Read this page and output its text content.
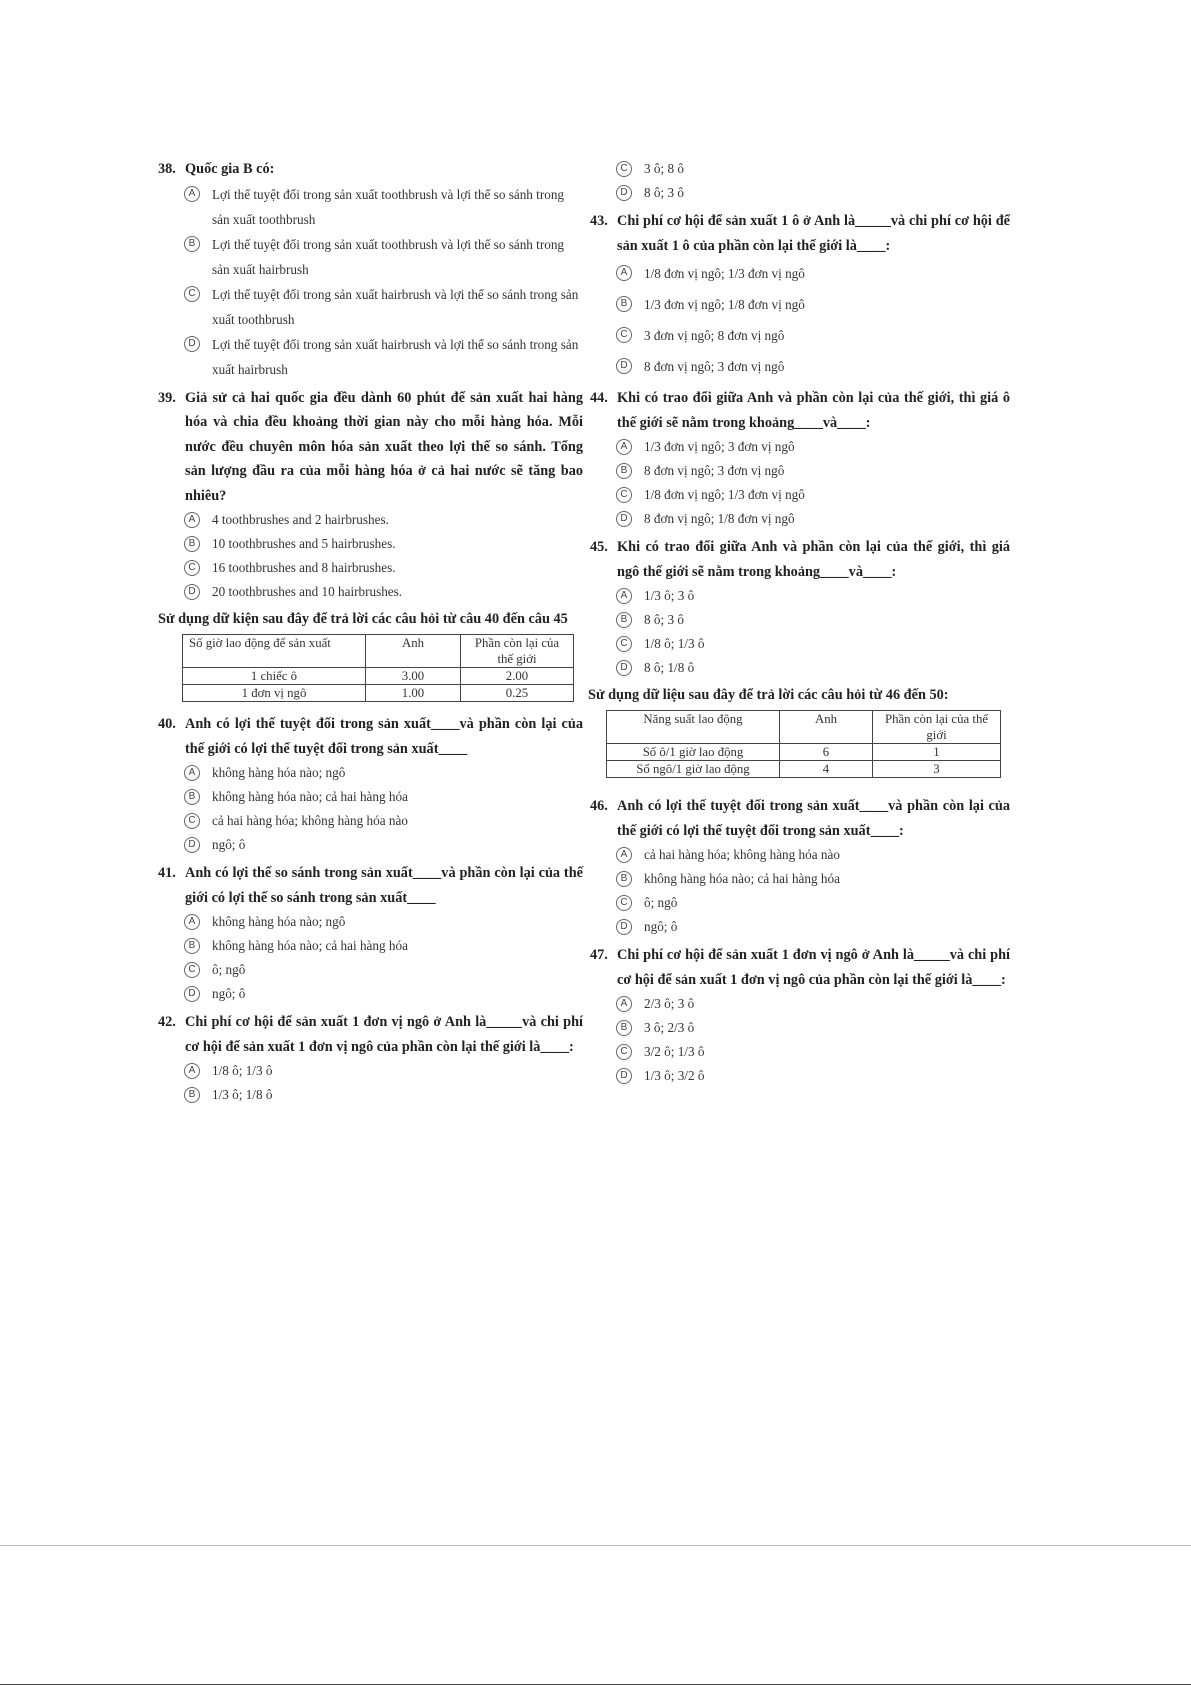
38. Quốc gia B có:
A	Lợi thế tuyệt đối trong sản xuất toothbrush và lợi thế so sánh trong sản xuất toothbrush
B	Lợi thế tuyệt đối trong sản xuất toothbrush và lợi thế so sánh trong sản xuất hairbrush
C	Lợi thế tuyệt đối trong sản xuất hairbrush và lợi thế so sánh trong sản xuất toothbrush
D	Lợi thế tuyệt đối trong sản xuất hairbrush và lợi thế so sánh trong sản xuất hairbrush
39. Giả sử cả hai quốc gia đều dành 60 phút để sản xuất hai hàng hóa và chia đều khoảng thời gian này cho mỗi hàng hóa. Mỗi nước đều chuyên môn hóa sản xuất theo lợi thế so sánh. Tổng sản lượng đầu ra của mỗi hàng hóa ở cả hai nước sẽ tăng bao nhiêu?
A	4 toothbrushes and 2 hairbrushes.
B	10 toothbrushes and 5 hairbrushes.
C	16 toothbrushes and 8 hairbrushes.
D	20 toothbrushes and 10 hairbrushes.
Sử dụng dữ kiện sau đây để trả lời các câu hỏi từ câu 40 đến câu 45
Số giờ lao động để sản xuất	Anh	Phần còn lại của thế giới
1 chiếc ô	3.00	2.00
1 đơn vị ngô	1.00	0.25
40. Anh có lợi thế tuyệt đối trong sản xuất____và phần còn lại của thế giới có lợi thế tuyệt đối trong sản xuất____
A	không hàng hóa nào; ngô
B	không hàng hóa nào; cả hai hàng hóa
C	cả hai hàng hóa; không hàng hóa nào
D	ngô; ô
41. Anh có lợi thế so sánh trong sản xuất____và phần còn lại của thế giới có lợi thế so sánh trong sản xuất____
A	không hàng hóa nào; ngô
B	không hàng hóa nào; cả hai hàng hóa
C	ô; ngô
D	ngô; ô
42. Chi phí cơ hội để sản xuất 1 đơn vị ngô ở Anh là_____và chi phí cơ hội để sản xuất 1 đơn vị ngô của phần còn lại thế giới là____:
A	1/8 ô; 1/3 ô
B	1/3 ô; 1/8 ô
C	3 ô; 8 ô
D	8 ô; 3 ô
43. Chi phí cơ hội để sản xuất 1 ô ở Anh là_____và chi phí cơ hội để sản xuất 1 ô của phần còn lại thế giới là____:
A	1/8 đơn vị ngô; 1/3 đơn vị ngô
B	1/3 đơn vị ngô; 1/8 đơn vị ngô
C	3 đơn vị ngô; 8 đơn vị ngô
D	8 đơn vị ngô; 3 đơn vị ngô
44. Khi có trao đổi giữa Anh và phần còn lại của thế giới, thì giá ô thế giới sẽ nằm trong khoảng____và____:
A	1/3 đơn vị ngô; 3 đơn vị ngô
B	8 đơn vị ngô; 3 đơn vị ngô
C	1/8 đơn vị ngô; 1/3 đơn vị ngô
D	8 đơn vị ngô; 1/8 đơn vị ngô
45. Khi có trao đổi giữa Anh và phần còn lại của thế giới, thì giá ngô thế giới sẽ nằm trong khoảng____và____:
A	1/3 ô; 3 ô
B	8 ô; 3 ô
C	1/8 ô; 1/3 ô
D	8 ô; 1/8 ô
Sử dụng dữ liệu sau đây để trả lời các câu hỏi từ 46 đến 50:
Năng suất lao động	Anh	Phần còn lại của thế giới
Số ô/1 giờ lao động	6	1
Số ngô/1 giờ lao động	4	3
46. Anh có lợi thế tuyệt đối trong sản xuất____và phần còn lại của thế giới có lợi thế tuyệt đối trong sản xuất____:
A	cả hai hàng hóa; không hàng hóa nào
B	không hàng hóa nào; cả hai hàng hóa
C	ô; ngô
D	ngô; ô
47. Chi phí cơ hội để sản xuất 1 đơn vị ngô ở Anh là_____và chi phí cơ hội để sản xuất 1 đơn vị ngô của phần còn lại thế giới là____:
A	2/3 ô; 3 ô
B	3 ô; 2/3 ô
C	3/2 ô; 1/3 ô
D	1/3 ô; 3/2 ô
